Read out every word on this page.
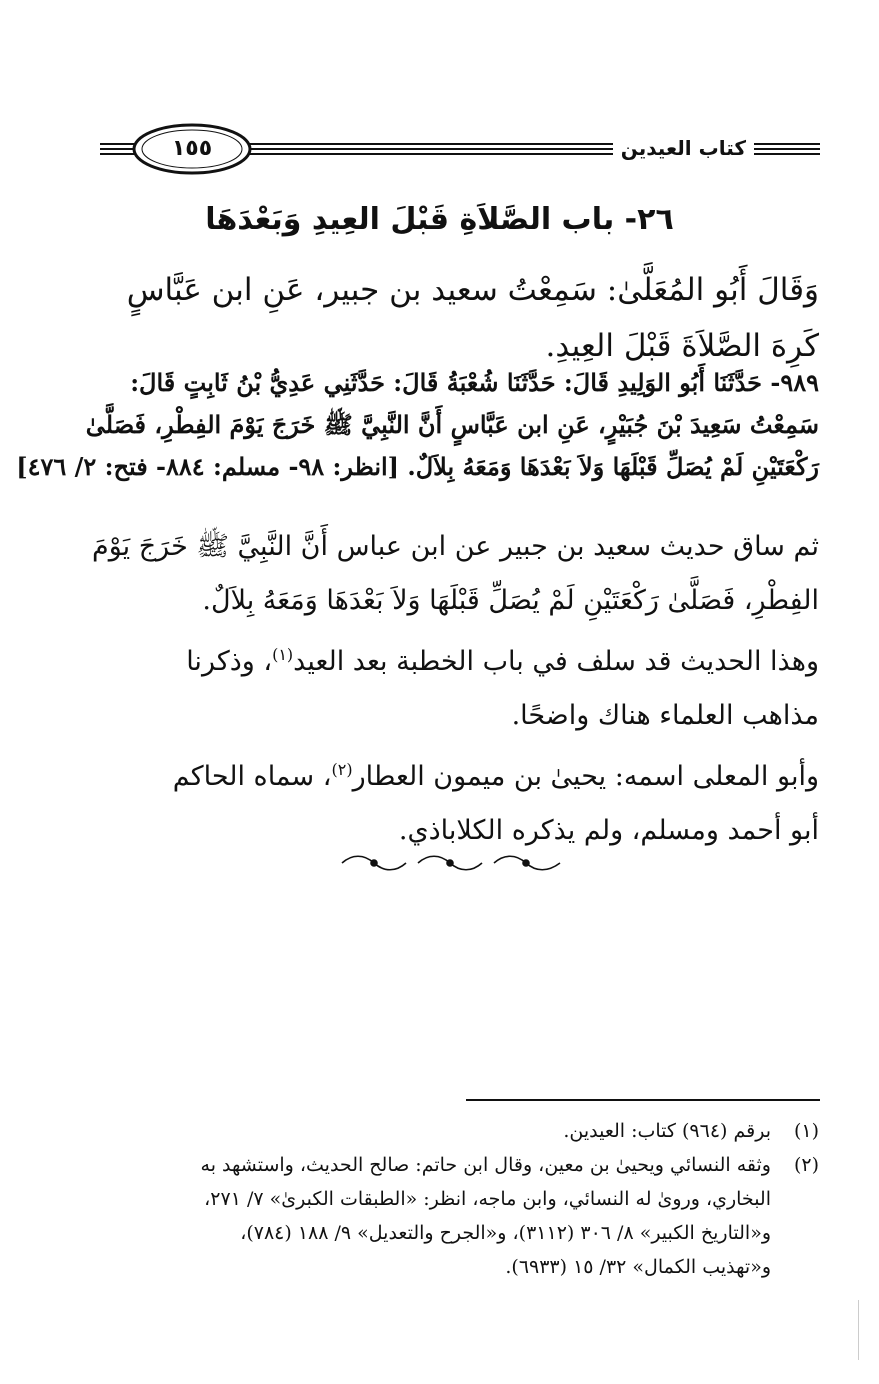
كتاب العيدين
١٥٥
٢٦- باب الصَّلاَةِ قَبْلَ العِيدِ وَبَعْدَهَا
وَقَالَ أَبُو المُعَلَّىٰ: سَمِعْتُ سعيد بن جبير، عَنِ ابن عَبَّاسٍ
كَرِهَ الصَّلاَةَ قَبْلَ العِيدِ.
٩٨٩- حَدَّثَنَا أَبُو الوَلِيدِ قَالَ: حَدَّثَنَا شُعْبَةُ قَالَ: حَدَّثَنِي عَدِيُّ بْنُ ثَابِتٍ قَالَ:
سَمِعْتُ سَعِيدَ بْنَ جُبَيْرٍ، عَنِ ابن عَبَّاسٍ أَنَّ النَّبِيَّ ﷺ خَرَجَ يَوْمَ الفِطْرِ، فَصَلَّىٰ
رَكْعَتَيْنِ لَمْ يُصَلِّ قَبْلَهَا وَلاَ بَعْدَهَا وَمَعَهُ بِلاَلٌ. [انظر: ٩٨- مسلم: ٨٨٤- فتح: ٢/ ٤٧٦]
ثم ساق حديث سعيد بن جبير عن ابن عباس أَنَّ النَّبِيَّ ﷺ خَرَجَ يَوْمَ
الفِطْرِ، فَصَلَّىٰ رَكْعَتَيْنِ لَمْ يُصَلِّ قَبْلَهَا وَلاَ بَعْدَهَا وَمَعَهُ بِلاَلٌ.
وهذا الحديث قد سلف في باب الخطبة بعد العيد$^{(١)}$، وذكرنا
مذاهب العلماء هناك واضحًا.
وأبو المعلى اسمه: يحيىٰ بن ميمون العطار$^{(٢)}$، سماه الحاكم
أبو أحمد ومسلم، ولم يذكره الكلاباذي.
(١)
برقم (٩٦٤) كتاب: العيدين.
(٢)
وثقه النسائي ويحيىٰ بن معين، وقال ابن حاتم: صالح الحديث، واستشهد به
البخاري، وروىٰ له النسائي، وابن ماجه، انظر: «الطبقات الكبرىٰ» ٧/ ٢٧١،
و«التاريخ الكبير» ٨/ ٣٠٦ (٣١١٢)، و«الجرح والتعديل» ٩/ ١٨٨ (٧٨٤)،
و«تهذيب الكمال» ٣٢/ ١٥ (٦٩٣٣).
